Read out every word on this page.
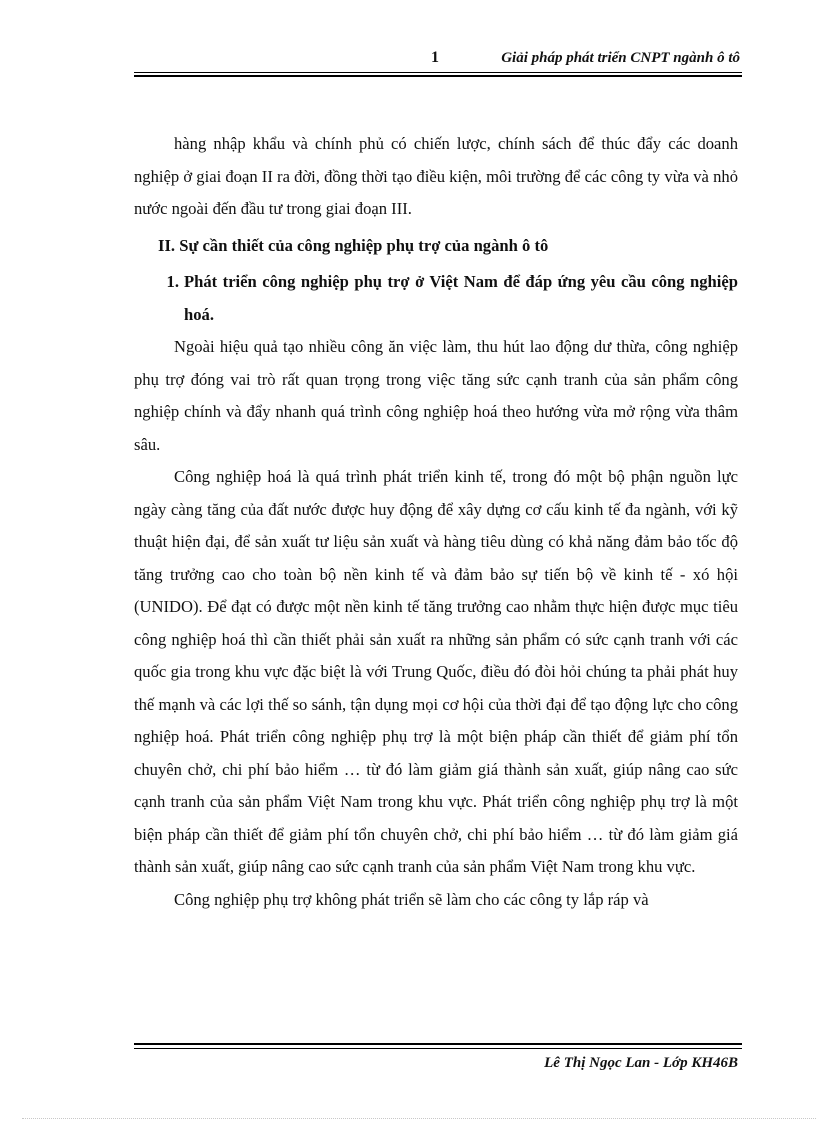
1	Giải pháp phát triển CNPT ngành ô tô

hàng nhập khẩu và chính phủ có chiến lược, chính sách để thúc đẩy các doanh nghiệp ở giai đoạn II ra đời, đồng thời tạo điều kiện, môi trường để các công ty vừa và nhỏ nước ngoài đến đầu tư trong giai đoạn III.

II. Sự cần thiết của công nghiệp phụ trợ của ngành ô tô

1. Phát triển công nghiệp phụ trợ ở Việt Nam để đáp ứng yêu cầu công nghiệp hoá.

Ngoài hiệu quả tạo nhiều công ăn việc làm, thu hút lao động dư thừa, công nghiệp phụ trợ đóng vai trò rất quan trọng trong việc tăng sức cạnh tranh của sản phẩm công nghiệp chính và đẩy nhanh quá trình công nghiệp hoá theo hướng vừa mở rộng vừa thâm sâu.

Công nghiệp hoá là quá trình phát triển kinh tế, trong đó một bộ phận nguồn lực ngày càng tăng của đất nước được huy động để xây dựng cơ cấu kinh tế đa ngành, với kỹ thuật hiện đại, để sản xuất tư liệu sản xuất và hàng tiêu dùng có khả năng đảm bảo tốc độ tăng trưởng cao cho toàn bộ nền kinh tế và đảm bảo sự tiến bộ về kinh tế - xó hội (UNIDO). Để đạt có được một nền kinh tế tăng trưởng cao nhằm thực hiện được mục tiêu công nghiệp hoá thì cần thiết phải sản xuất ra những sản phẩm có sức cạnh tranh với các quốc gia trong khu vực đặc biệt là với Trung Quốc, điều đó đòi hỏi chúng ta phải phát huy thế mạnh và các lợi thế so sánh, tận dụng mọi cơ hội của thời đại để tạo động lực cho công nghiệp hoá. Phát triển công nghiệp phụ trợ là một biện pháp cần thiết để giảm phí tổn chuyên chở, chi phí bảo hiểm … từ đó làm giảm giá thành sản xuất, giúp nâng cao sức cạnh tranh của sản phẩm Việt Nam trong khu vực. Phát triển công nghiệp phụ trợ là một biện pháp cần thiết để giảm phí tổn chuyên chở, chi phí bảo hiểm … từ đó làm giảm giá thành sản xuất, giúp nâng cao sức cạnh tranh của sản phẩm Việt Nam trong khu vực.

Công nghiệp phụ trợ không phát triển sẽ làm cho các công ty lắp ráp và

Lê Thị Ngọc Lan - Lớp KH46B
